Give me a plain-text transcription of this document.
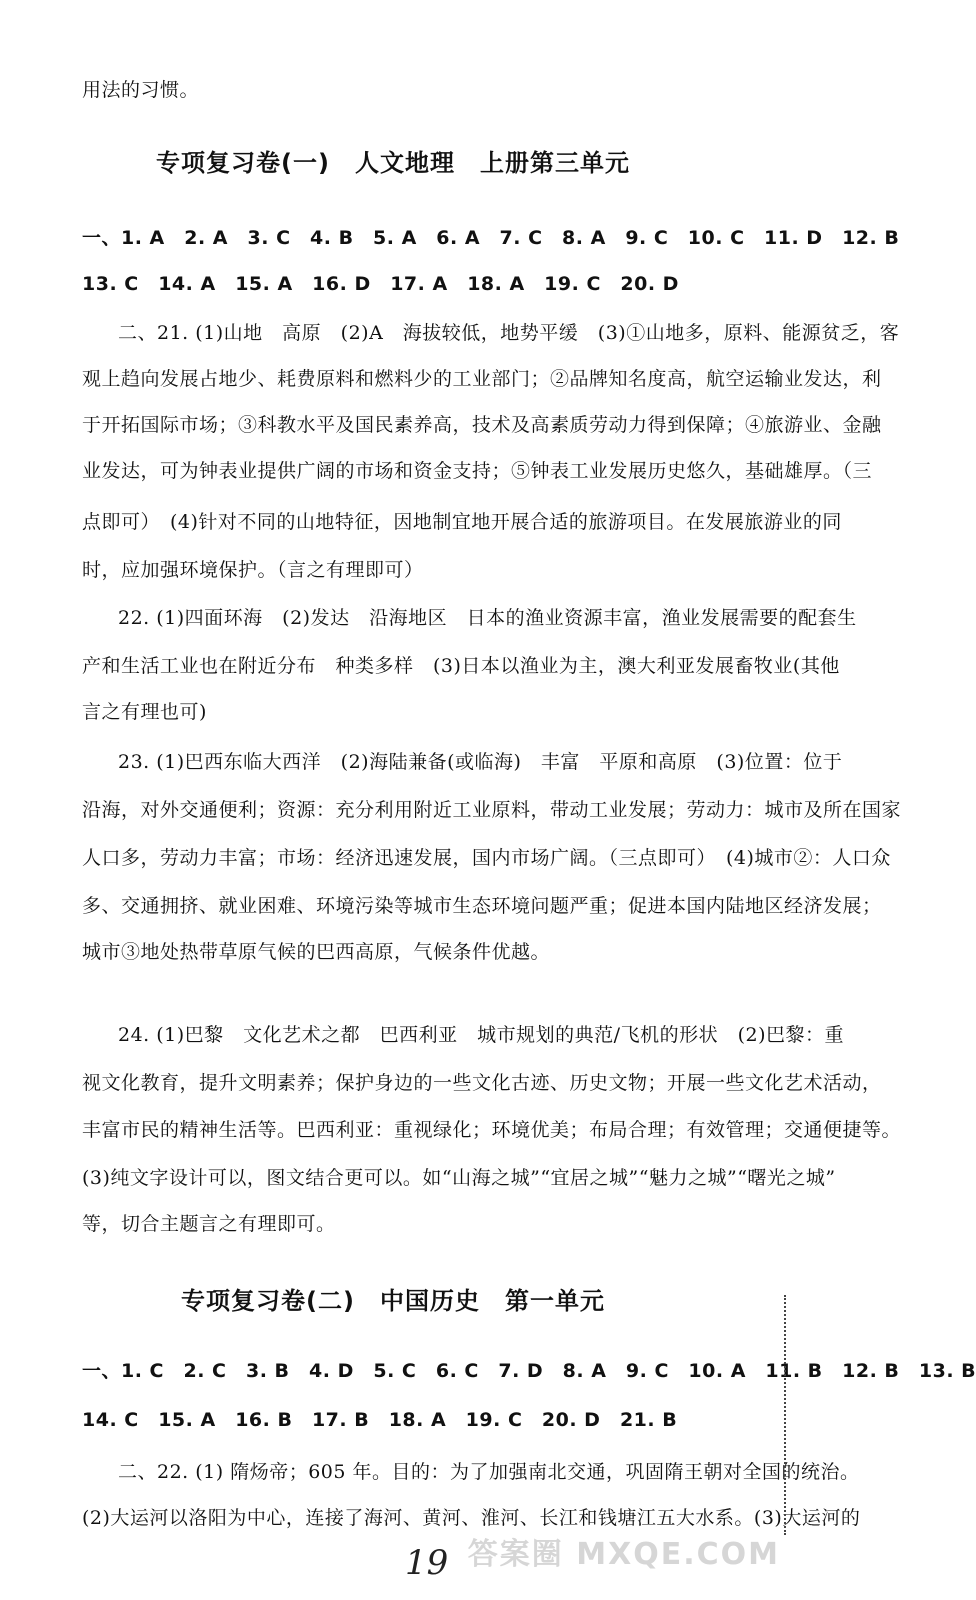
用法的习惯。
专项复习卷(一)　人文地理　上册第三单元
一、1. A　2. A　3. C　4. B　5. A　6. A　7. C　8. A　9. C　10. C　11. D　12. B
13. C　14. A　15. A　16. D　17. A　18. A　19. C　20. D
二、21. (1)山地　高原　(2)A　海拔较低，地势平缓　(3)①山地多，原料、能源贫乏，客
观上趋向发展占地少、耗费原料和燃料少的工业部门；②品牌知名度高，航空运输业发达，利
于开拓国际市场；③科教水平及国民素养高，技术及高素质劳动力得到保障；④旅游业、金融
业发达，可为钟表业提供广阔的市场和资金支持；⑤钟表工业发展历史悠久，基础雄厚。（三
点即可）　(4)针对不同的山地特征，因地制宜地开展合适的旅游项目。在发展旅游业的同
时，应加强环境保护。（言之有理即可）
22. (1)四面环海　(2)发达　沿海地区　日本的渔业资源丰富，渔业发展需要的配套生
产和生活工业也在附近分布　种类多样　(3)日本以渔业为主，澳大利亚发展畜牧业(其他
言之有理也可)
23. (1)巴西东临大西洋　(2)海陆兼备(或临海)　丰富　平原和高原　(3)位置：位于
沿海，对外交通便利；资源：充分利用附近工业原料，带动工业发展；劳动力：城市及所在国家
人口多，劳动力丰富；市场：经济迅速发展，国内市场广阔。（三点即可）　(4)城市②：人口众
多、交通拥挤、就业困难、环境污染等城市生态环境问题严重；促进本国内陆地区经济发展；
城市③地处热带草原气候的巴西高原，气候条件优越。
24. (1)巴黎　文化艺术之都　巴西利亚　城市规划的典范/飞机的形状　(2)巴黎：重
视文化教育，提升文明素养；保护身边的一些文化古迹、历史文物；开展一些文化艺术活动，
丰富市民的精神生活等。巴西利亚：重视绿化；环境优美；布局合理；有效管理；交通便捷等。
(3)纯文字设计可以，图文结合更可以。如“山海之城”“宜居之城”“魅力之城”“曙光之城”
等，切合主题言之有理即可。
专项复习卷(二)　中国历史　第一单元
一、1. C　2. C　3. B　4. D　5. C　6. C　7. D　8. A　9. C　10. A　11. B　12. B　13. B
14. C　15. A　16. B　17. B　18. A　19. C　20. D　21. B
二、22. (1) 隋炀帝；605 年。目的：为了加强南北交通，巩固隋王朝对全国的统治。
(2)大运河以洛阳为中心，连接了海河、黄河、淮河、长江和钱塘江五大水系。(3)大运河的
19 答案圈 MXQE.COM
